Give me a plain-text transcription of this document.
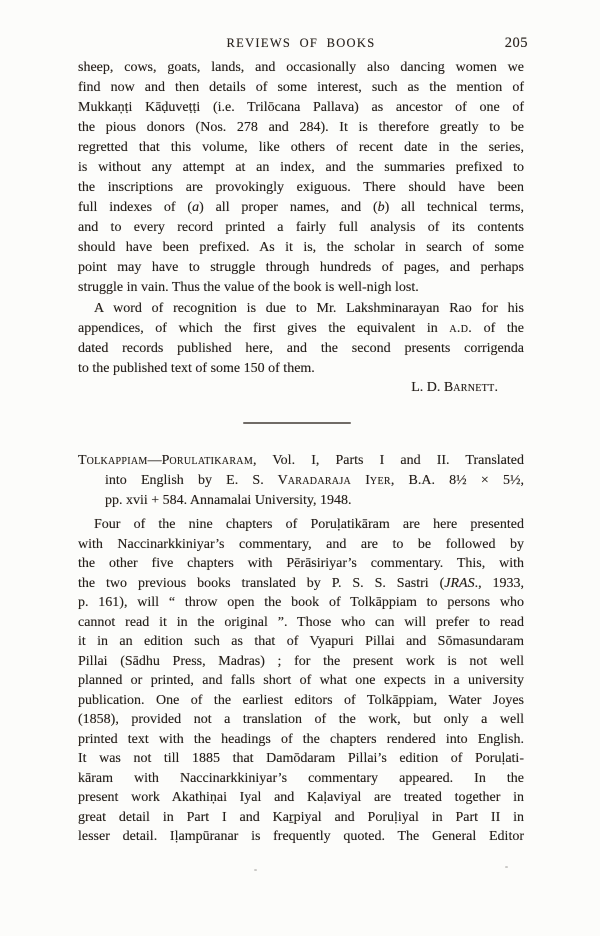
REVIEWS OF BOOKS	205
sheep, cows, goats, lands, and occasionally also dancing women we
find now and then details of some interest, such as the mention of
Mukkaṇṭi Kāḍuveṭṭi (i.e. Trilōcana Pallava) as ancestor of one of
the pious donors (Nos. 278 and 284). It is therefore greatly to be
regretted that this volume, like others of recent date in the series,
is without any attempt at an index, and the summaries prefixed to
the inscriptions are provokingly exiguous. There should have been
full indexes of (a) all proper names, and (b) all technical terms,
and to every record printed a fairly full analysis of its contents
should have been prefixed. As it is, the scholar in search of some
point may have to struggle through hundreds of pages, and perhaps
struggle in vain. Thus the value of the book is well-nigh lost.
A word of recognition is due to Mr. Lakshminarayan Rao for his
appendices, of which the first gives the equivalent in a.d. of the
dated records published here, and the second presents corrigenda
to the published text of some 150 of them.
L. D. Barnett.
Tolkappiam—Porulatikaram, Vol. I, Parts I and II. Translated
into English by E. S. Varadaraja Iyer, B.A. 8½ × 5½,
pp. xvii + 584. Annamalai University, 1948.
Four of the nine chapters of Poruḷatikāram are here presented
with Naccinarkkiniyar’s commentary, and are to be followed by
the other five chapters with Pērāsiriyar’s commentary. This, with
the two previous books translated by P. S. S. Sastri (JRAS., 1933,
p. 161), will “ throw open the book of Tolkāppiam to persons who
cannot read it in the original ”. Those who can will prefer to read
it in an edition such as that of Vyapuri Pillai and Sōmasundaram
Pillai (Sādhu Press, Madras) ; for the present work is not well
planned or printed, and falls short of what one expects in a university
publication. One of the earliest editors of Tolkāppiam, Water Joyes
(1858), provided not a translation of the work, but only a well
printed text with the headings of the chapters rendered into English.
It was not till 1885 that Damōdaram Pillai’s edition of Poruḷati-
kāram with Naccinarkkiniyar’s commentary appeared. In the
present work Akathiṇai Iyal and Kaḷaviyal are treated together in
great detail in Part I and Kaṟpiyal and Poruḷiyal in Part II in
lesser detail. Iḷampūranar is frequently quoted. The General Editor
